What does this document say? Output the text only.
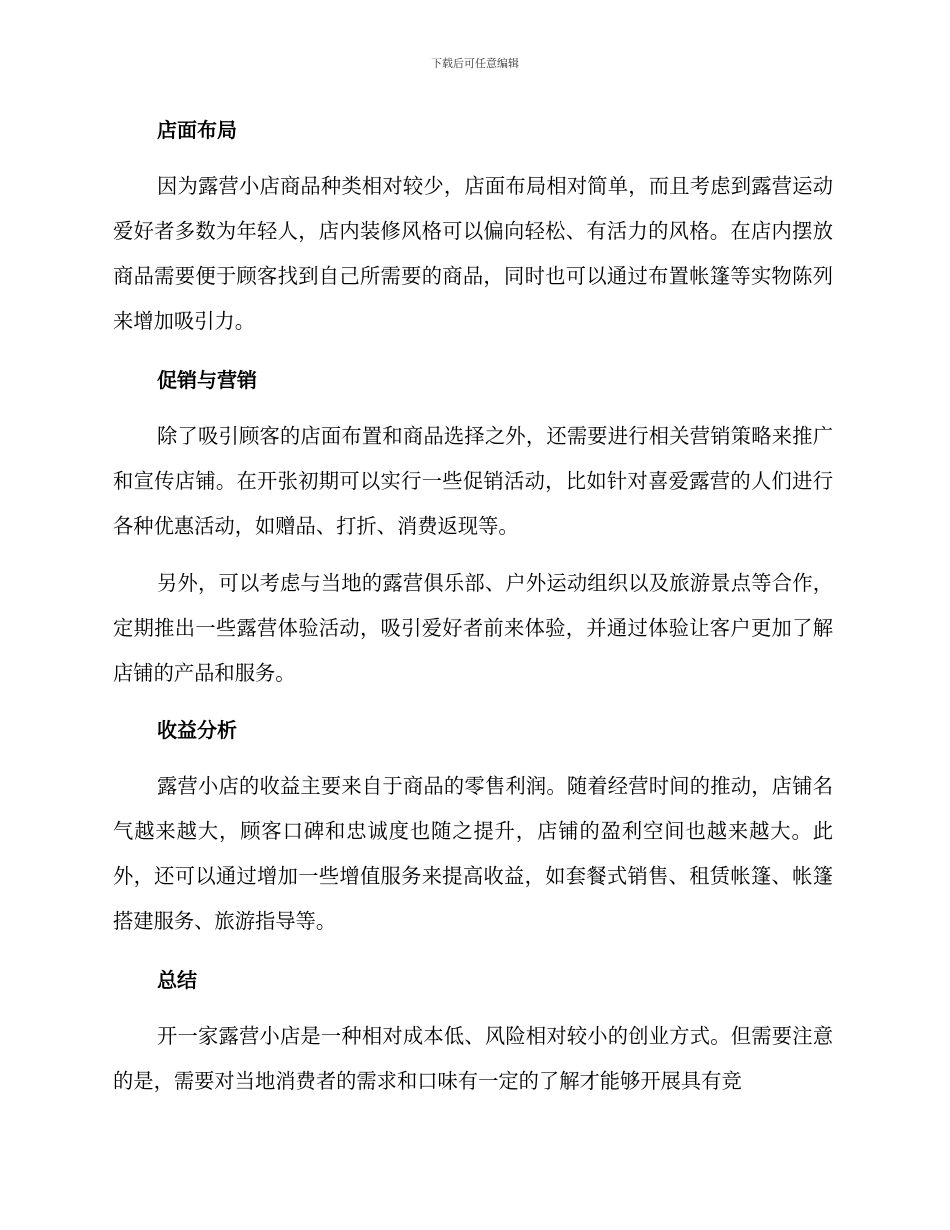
下载后可任意编辑
店面布局

因为露营小店商品种类相对较少，店面布局相对简单，而且考虑到露营运动爱好者多数为年轻人，店内装修风格可以偏向轻松、有活力的风格。在店内摆放商品需要便于顾客找到自己所需要的商品，同时也可以通过布置帐篷等实物陈列来增加吸引力。

促销与营销

除了吸引顾客的店面布置和商品选择之外，还需要进行相关营销策略来推广和宣传店铺。在开张初期可以实行一些促销活动，比如针对喜爱露营的人们进行各种优惠活动，如赠品、打折、消费返现等。

另外，可以考虑与当地的露营俱乐部、户外运动组织以及旅游景点等合作，定期推出一些露营体验活动，吸引爱好者前来体验，并通过体验让客户更加了解店铺的产品和服务。

收益分析

露营小店的收益主要来自于商品的零售利润。随着经营时间的推动，店铺名气越来越大，顾客口碑和忠诚度也随之提升，店铺的盈利空间也越来越大。此外，还可以通过增加一些增值服务来提高收益，如套餐式销售、租赁帐篷、帐篷搭建服务、旅游指导等。

总结

开一家露营小店是一种相对成本低、风险相对较小的创业方式。但需要注意的是，需要对当地消费者的需求和口味有一定的了解才能够开展具有竞
